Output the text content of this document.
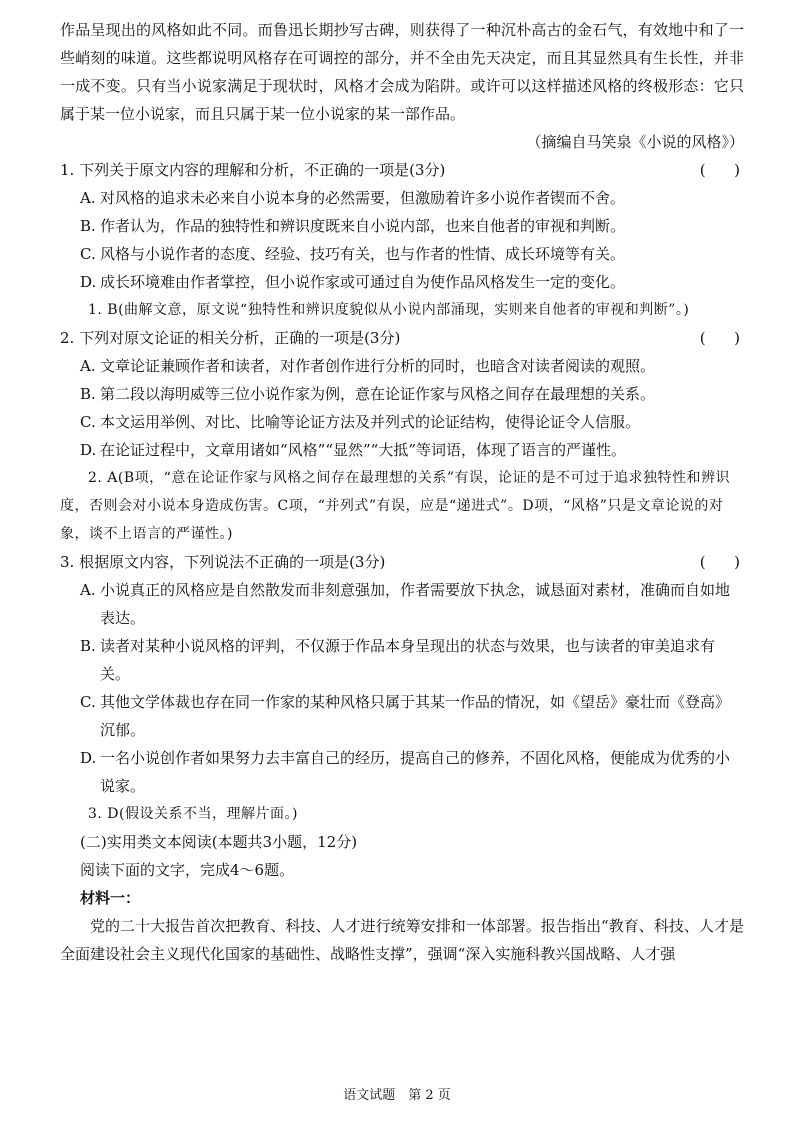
作品呈现出的风格如此不同。而鲁迅长期抄写古碑，则获得了一种沉朴高古的金石气，有效地中和了一些峭刻的味道。这些都说明风格存在可调控的部分，并不全由先天决定，而且其显然具有生长性，并非一成不变。只有当小说家满足于现状时，风格才会成为陷阱。或许可以这样描述风格的终极形态：它只属于某一位小说家，而且只属于某一位小说家的某一部作品。

（摘编自马笑泉《小说的风格》）

1. 下列关于原文内容的理解和分析，不正确的一项是(3分)	(      )
A. 对风格的追求未必来自小说本身的必然需要，但激励着许多小说作者锲而不舍。
B. 作者认为，作品的独特性和辨识度既来自小说内部，也来自他者的审视和判断。
C. 风格与小说作者的态度、经验、技巧有关，也与作者的性情、成长环境等有关。
D. 成长环境难由作者掌控，但小说作家或可通过自为使作品风格发生一定的变化。

1. B(曲解文意，原文说“独特性和辨识度貌似从小说内部涌现，实则来自他者的审视和判断”。)

2. 下列对原文论证的相关分析，正确的一项是(3分)	(      )
A. 文章论证兼顾作者和读者，对作者创作进行分析的同时，也暗含对读者阅读的观照。
B. 第二段以海明威等三位小说作家为例，意在论证作家与风格之间存在最理想的关系。
C. 本文运用举例、对比、比喻等论证方法及并列式的论证结构，使得论证令人信服。
D. 在论证过程中，文章用诸如“风格”“显然”“大抵”等词语，体现了语言的严谨性。

2. A(B项，“意在论证作家与风格之间存在最理想的关系”有误，论证的是不可过于追求独特性和辨识度，否则会对小说本身造成伤害。C项，“并列式”有误，应是“递进式”。D项，“风格”只是文章论说的对象，谈不上语言的严谨性。)

3. 根据原文内容，下列说法不正确的一项是(3分)	(      )
A. 小说真正的风格应是自然散发而非刻意强加，作者需要放下执念，诚恳面对素材，准确而自如地表达。
B. 读者对某种小说风格的评判，不仅源于作品本身呈现出的状态与效果，也与读者的审美追求有关。
C. 其他文学体裁也存在同一作家的某种风格只属于其某一作品的情况，如《望岳》豪壮而《登高》沉郁。
D. 一名小说创作者如果努力去丰富自己的经历，提高自己的修养，不固化风格，便能成为优秀的小说家。

3. D(假设关系不当，理解片面。)

(二)实用类文本阅读(本题共3小题，12分)

阅读下面的文字，完成4～6题。

材料一：

党的二十大报告首次把教育、科技、人才进行统筹安排和一体部署。报告指出“教育、科技、人才是全面建设社会主义现代化国家的基础性、战略性支撑”，强调“深入实施科教兴国战略、人才强

语文试题　第 2 页
